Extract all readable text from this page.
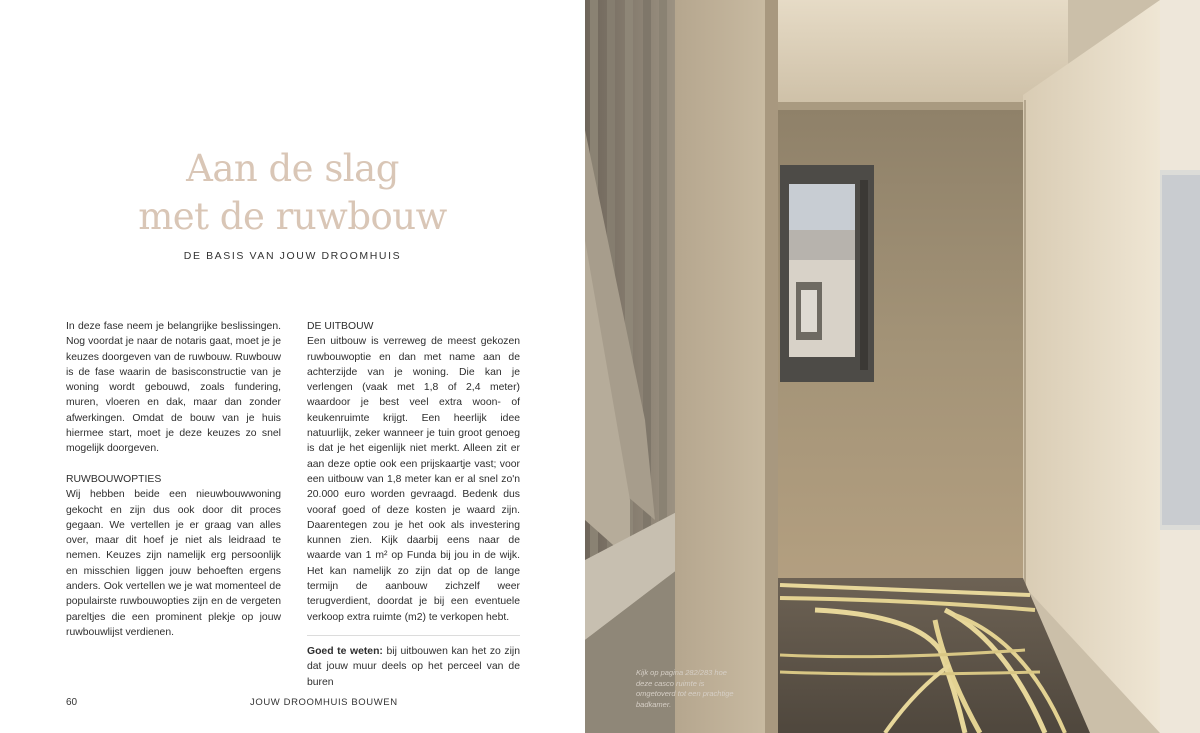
Aan de slag
met de ruwbouw
DE BASIS VAN JOUW DROOMHUIS

In deze fase neem je belangrijke beslissingen. Nog voordat je naar de notaris gaat, moet je je keuzes doorgeven van de ruwbouw. Ruwbouw is de fase waarin de basisconstructie van je woning wordt gebouwd, zoals fundering, muren, vloeren en dak, maar dan zonder afwerkingen. Omdat de bouw van je huis hiermee start, moet je deze keuzes zo snel mogelijk doorgeven.

RUWBOUWOPTIES

Wij hebben beide een nieuwbouwwoning gekocht en zijn dus ook door dit proces gegaan. We vertellen je er graag van alles over, maar dit hoef je niet als leidraad te nemen. Keuzes zijn namelijk erg persoonlijk en misschien liggen jouw behoeften ergens anders. Ook vertellen we je wat momenteel de populairste ruwbouwopties zijn en de vergeten pareltjes die een prominent plekje op jouw ruwbouwlijst verdienen.

DE UITBOUW

Een uitbouw is verreweg de meest gekozen ruwbouwoptie en dan met name aan de achterzijde van je woning. Die kan je verlengen (vaak met 1,8 of 2,4 meter) waardoor je best veel extra woon- of keukenruimte krijgt. Een heerlijk idee natuurlijk, zeker wanneer je tuin groot genoeg is dat je het eigenlijk niet merkt. Alleen zit er aan deze optie ook een prijskaartje vast; voor een uitbouw van 1,8 meter kan er al snel zo'n 20.000 euro worden gevraagd. Bedenk dus vooraf goed of deze kosten je waard zijn. Daarentegen zou je het ook als investering kunnen zien. Kijk daarbij eens naar de waarde van 1 m² op Funda bij jou in de wijk. Het kan namelijk zo zijn dat op de lange termijn de aanbouw zichzelf weer terugverdient, doordat je bij een eventuele verkoop extra ruimte (m2) te verkopen hebt.

Goed te weten: bij uitbouwen kan het zo zijn dat jouw muur deels op het perceel van de buren

60	JOUW DROOMHUIS BOUWEN
Kijk op pagina 282/283 hoe deze casco ruimte is omgetoverd tot een prachtige badkamer.
